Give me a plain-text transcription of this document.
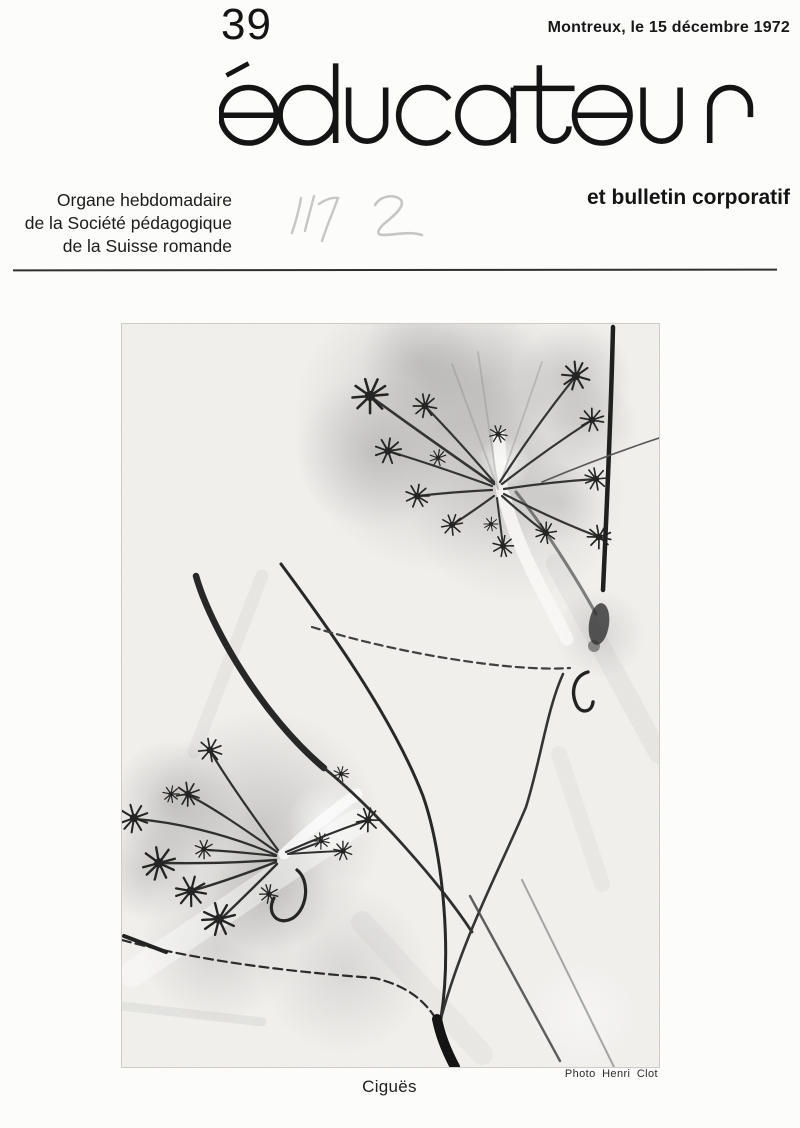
39	Montreux, le 15 décembre 1972
Organe hebdomadaire
de la Société pédagogique
de la Suisse romande
et bulletin corporatif
Photo Henri Clot
Ciguës
